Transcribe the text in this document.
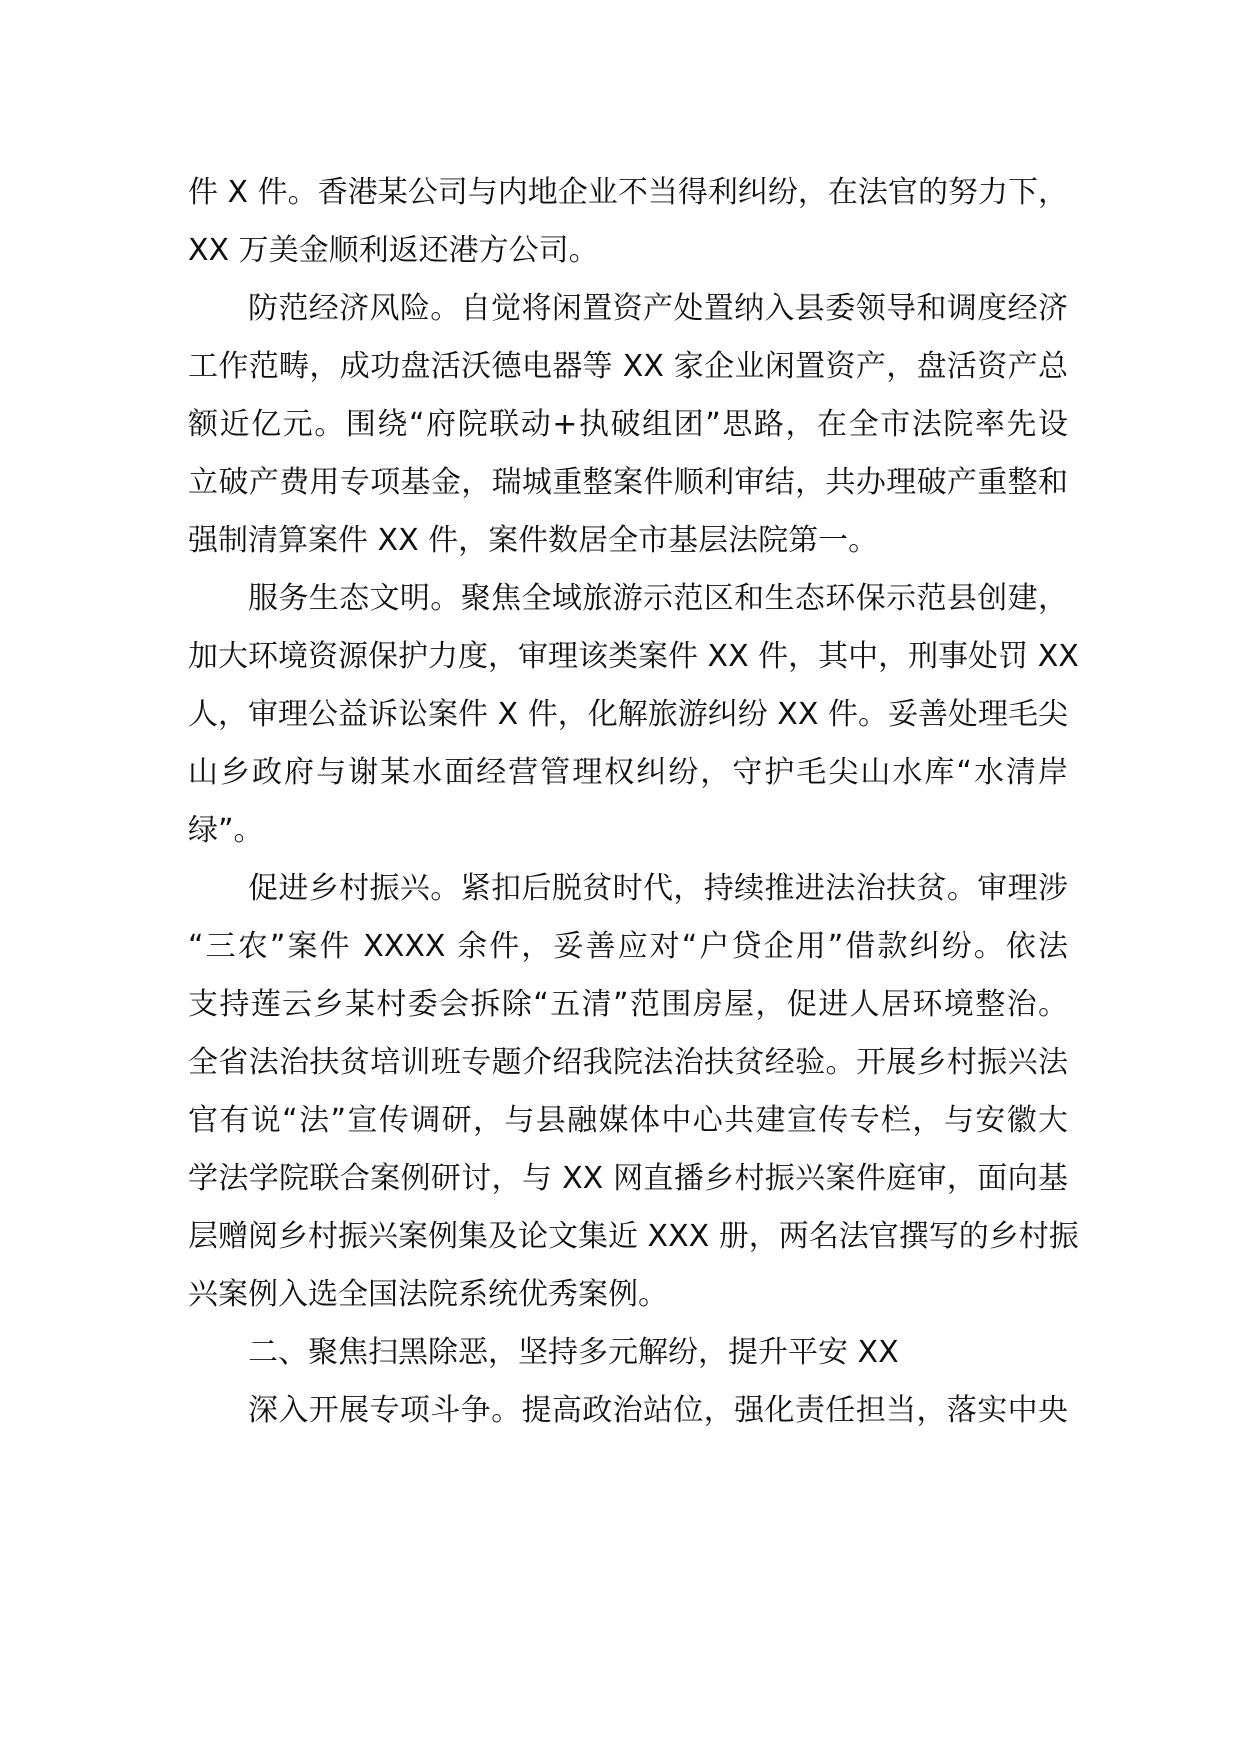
件 X 件。香港某公司与内地企业不当得利纠纷，在法官的努力下，
XX 万美金顺利返还港方公司。
防范经济风险。自觉将闲置资产处置纳入县委领导和调度经济
工作范畴，成功盘活沃德电器等 XX 家企业闲置资产，盘活资产总
额近亿元。围绕“府院联动+执破组团”思路，在全市法院率先设
立破产费用专项基金，瑞城重整案件顺利审结，共办理破产重整和
强制清算案件 XX 件，案件数居全市基层法院第一。
服务生态文明。聚焦全域旅游示范区和生态环保示范县创建，
加大环境资源保护力度，审理该类案件 XX 件，其中，刑事处罚 XX
人，审理公益诉讼案件 X 件，化解旅游纠纷 XX 件。妥善处理毛尖
山乡政府与谢某水面经营管理权纠纷，守护毛尖山水库“水清岸
绿”。
促进乡村振兴。紧扣后脱贫时代，持续推进法治扶贫。审理涉
“三农”案件 XXXX 余件，妥善应对“户贷企用”借款纠纷。依法
支持莲云乡某村委会拆除“五清”范围房屋，促进人居环境整治。
全省法治扶贫培训班专题介绍我院法治扶贫经验。开展乡村振兴法
官有说“法”宣传调研，与县融媒体中心共建宣传专栏，与安徽大
学法学院联合案例研讨，与 XX 网直播乡村振兴案件庭审，面向基
层赠阅乡村振兴案例集及论文集近 XXX 册，两名法官撰写的乡村振
兴案例入选全国法院系统优秀案例。
二、聚焦扫黑除恶，坚持多元解纷，提升平安 XX
深入开展专项斗争。提高政治站位，强化责任担当，落实中央
